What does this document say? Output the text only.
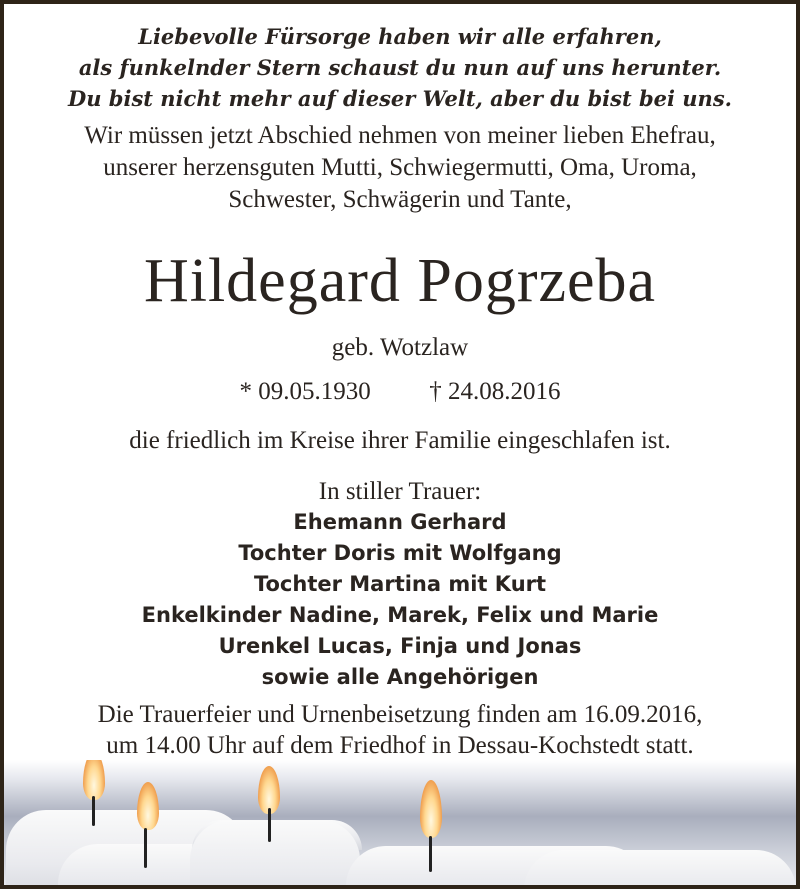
Liebevolle Fürsorge haben wir alle erfahren,
als funkelnder Stern schaust du nun auf uns herunter.
Du bist nicht mehr auf dieser Welt, aber du bist bei uns.
Wir müssen jetzt Abschied nehmen von meiner lieben Ehefrau,
unserer herzensguten Mutti, Schwiegermutti, Oma, Uroma,
Schwester, Schwägerin und Tante,
Hildegard Pogrzeba
geb. Wotzlaw
* 09.05.1930 † 24.08.2016
die friedlich im Kreise ihrer Familie eingeschlafen ist.
In stiller Trauer:
Ehemann Gerhard
Tochter Doris mit Wolfgang
Tochter Martina mit Kurt
Enkelkinder Nadine, Marek, Felix und Marie
Urenkel Lucas, Finja und Jonas
sowie alle Angehörigen
Die Trauerfeier und Urnenbeisetzung finden am 16.09.2016,
um 14.00 Uhr auf dem Friedhof in Dessau-Kochstedt statt.
